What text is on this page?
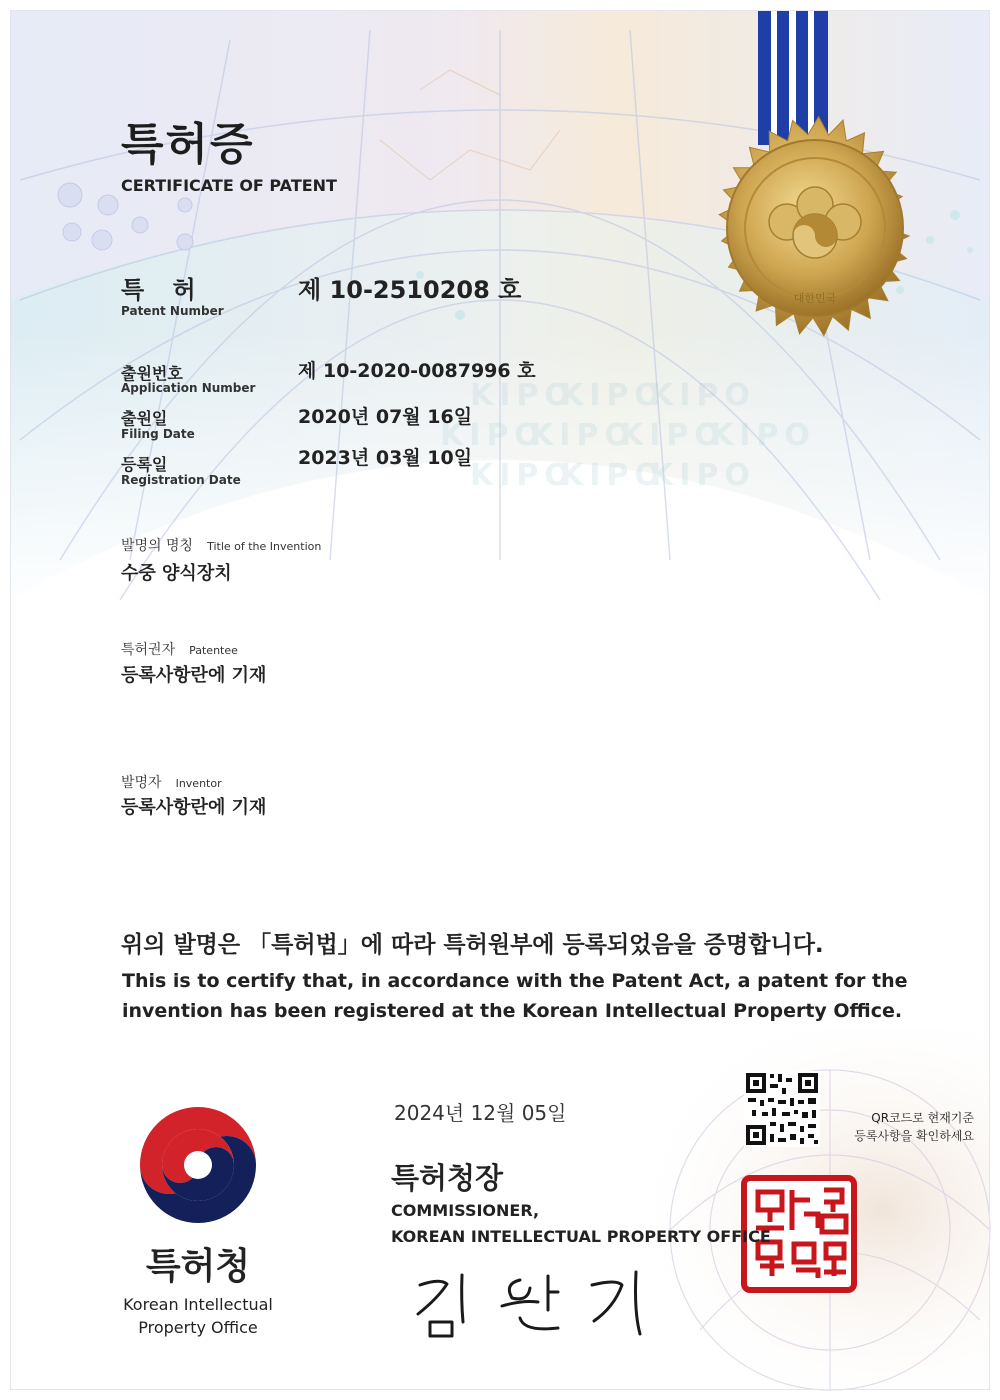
대한민국
KIPO
KIPO
KIPO
KIPO
KIPO
KIPO
KIPO
KIPO
KIPO
KIPO
특허증
CERTIFICATE OF PATENT
특 허
Patent Number
제 10-2510208 호
출원번호
Application Number
제 10-2020-0087996 호
출원일
Filing Date
2020년 07월 16일
등록일
Registration Date
2023년 03월 10일
발명의 명칭 Title of the Invention
수중 양식장치
특허권자 Patentee
등록사항란에 기재
발명자 Inventor
등록사항란에 기재
위의 발명은 「특허법」에 따라 특허원부에 등록되었음을 증명합니다.
This is to certify that, in accordance with the Patent Act, a patent for the invention has been registered at the Korean Intellectual Property Office.
2024년 12월 05일	QR코드로 현재기준
등록사항을 확인하세요
특허청장
COMMISSIONER,
KOREAN INTELLECTUAL PROPERTY OFFICE
특허청
Korean Intellectual
Property Office
